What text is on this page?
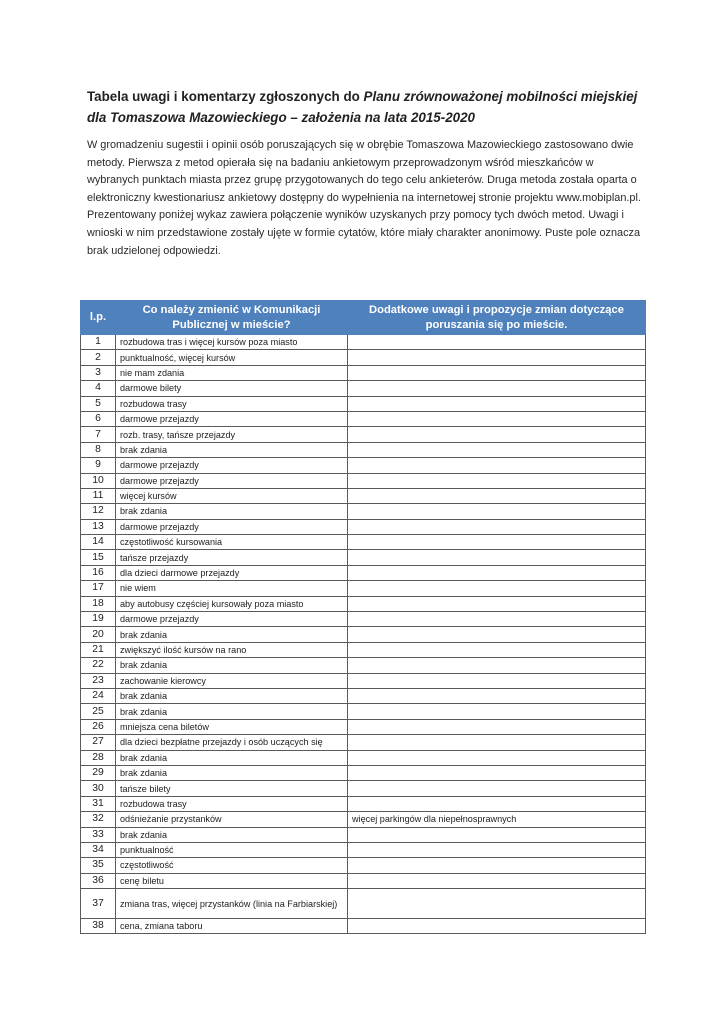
Tabela uwagi i komentarzy zgłoszonych do Planu zrównoważonej mobilności miejskiej dla Tomaszowa Mazowieckiego – założenia na lata 2015-2020
W gromadzeniu sugestii i opinii osób poruszających się w obrębie Tomaszowa Mazowieckiego zastosowano dwie metody. Pierwsza z metod opierała się na badaniu ankietowym przeprowadzonym wśród mieszkańców w wybranych punktach miasta przez grupę przygotowanych do tego celu ankieterów. Druga metoda została oparta o elektroniczny kwestionariusz ankietowy dostępny do wypełnienia na internetowej stronie projektu www.mobiplan.pl. Prezentowany poniżej wykaz zawiera połączenie wyników uzyskanych przy pomocy tych dwóch metod. Uwagi i wnioski w nim przedstawione zostały ujęte w formie cytatów, które miały charakter anonimowy. Puste pole oznacza brak udzielonej odpowiedzi.
l.p.	Co należy zmienić w Komunikacji Publicznej w mieście?	Dodatkowe uwagi i propozycje zmian dotyczące poruszania się po mieście.
1	rozbudowa tras i więcej kursów poza miasto	
2	punktualność, więcej kursów	
3	nie mam zdania	
4	darmowe bilety	
5	rozbudowa trasy	
6	darmowe przejazdy	
7	rozb. trasy, tańsze przejazdy	
8	brak zdania	
9	darmowe przejazdy	
10	darmowe przejazdy	
11	więcej kursów	
12	brak zdania	
13	darmowe przejazdy	
14	częstotliwość kursowania	
15	tańsze przejazdy	
16	dla dzieci darmowe przejazdy	
17	nie wiem	
18	aby autobusy częściej kursowały poza miasto	
19	darmowe przejazdy	
20	brak zdania	
21	zwiększyć ilość kursów na rano	
22	brak zdania	
23	zachowanie kierowcy	
24	brak zdania	
25	brak zdania	
26	mniejsza cena biletów	
27	dla dzieci bezpłatne przejazdy i osób uczących się	
28	brak zdania	
29	brak zdania	
30	tańsze bilety	
31	rozbudowa trasy	
32	odśnieżanie przystanków	więcej parkingów dla niepełnosprawnych
33	brak zdania	
34	punktualność	
35	częstotliwość	
36	cenę biletu	
37	zmiana tras, więcej przystanków (linia na Farbiarskiej)	
38	cena, zmiana taboru	
